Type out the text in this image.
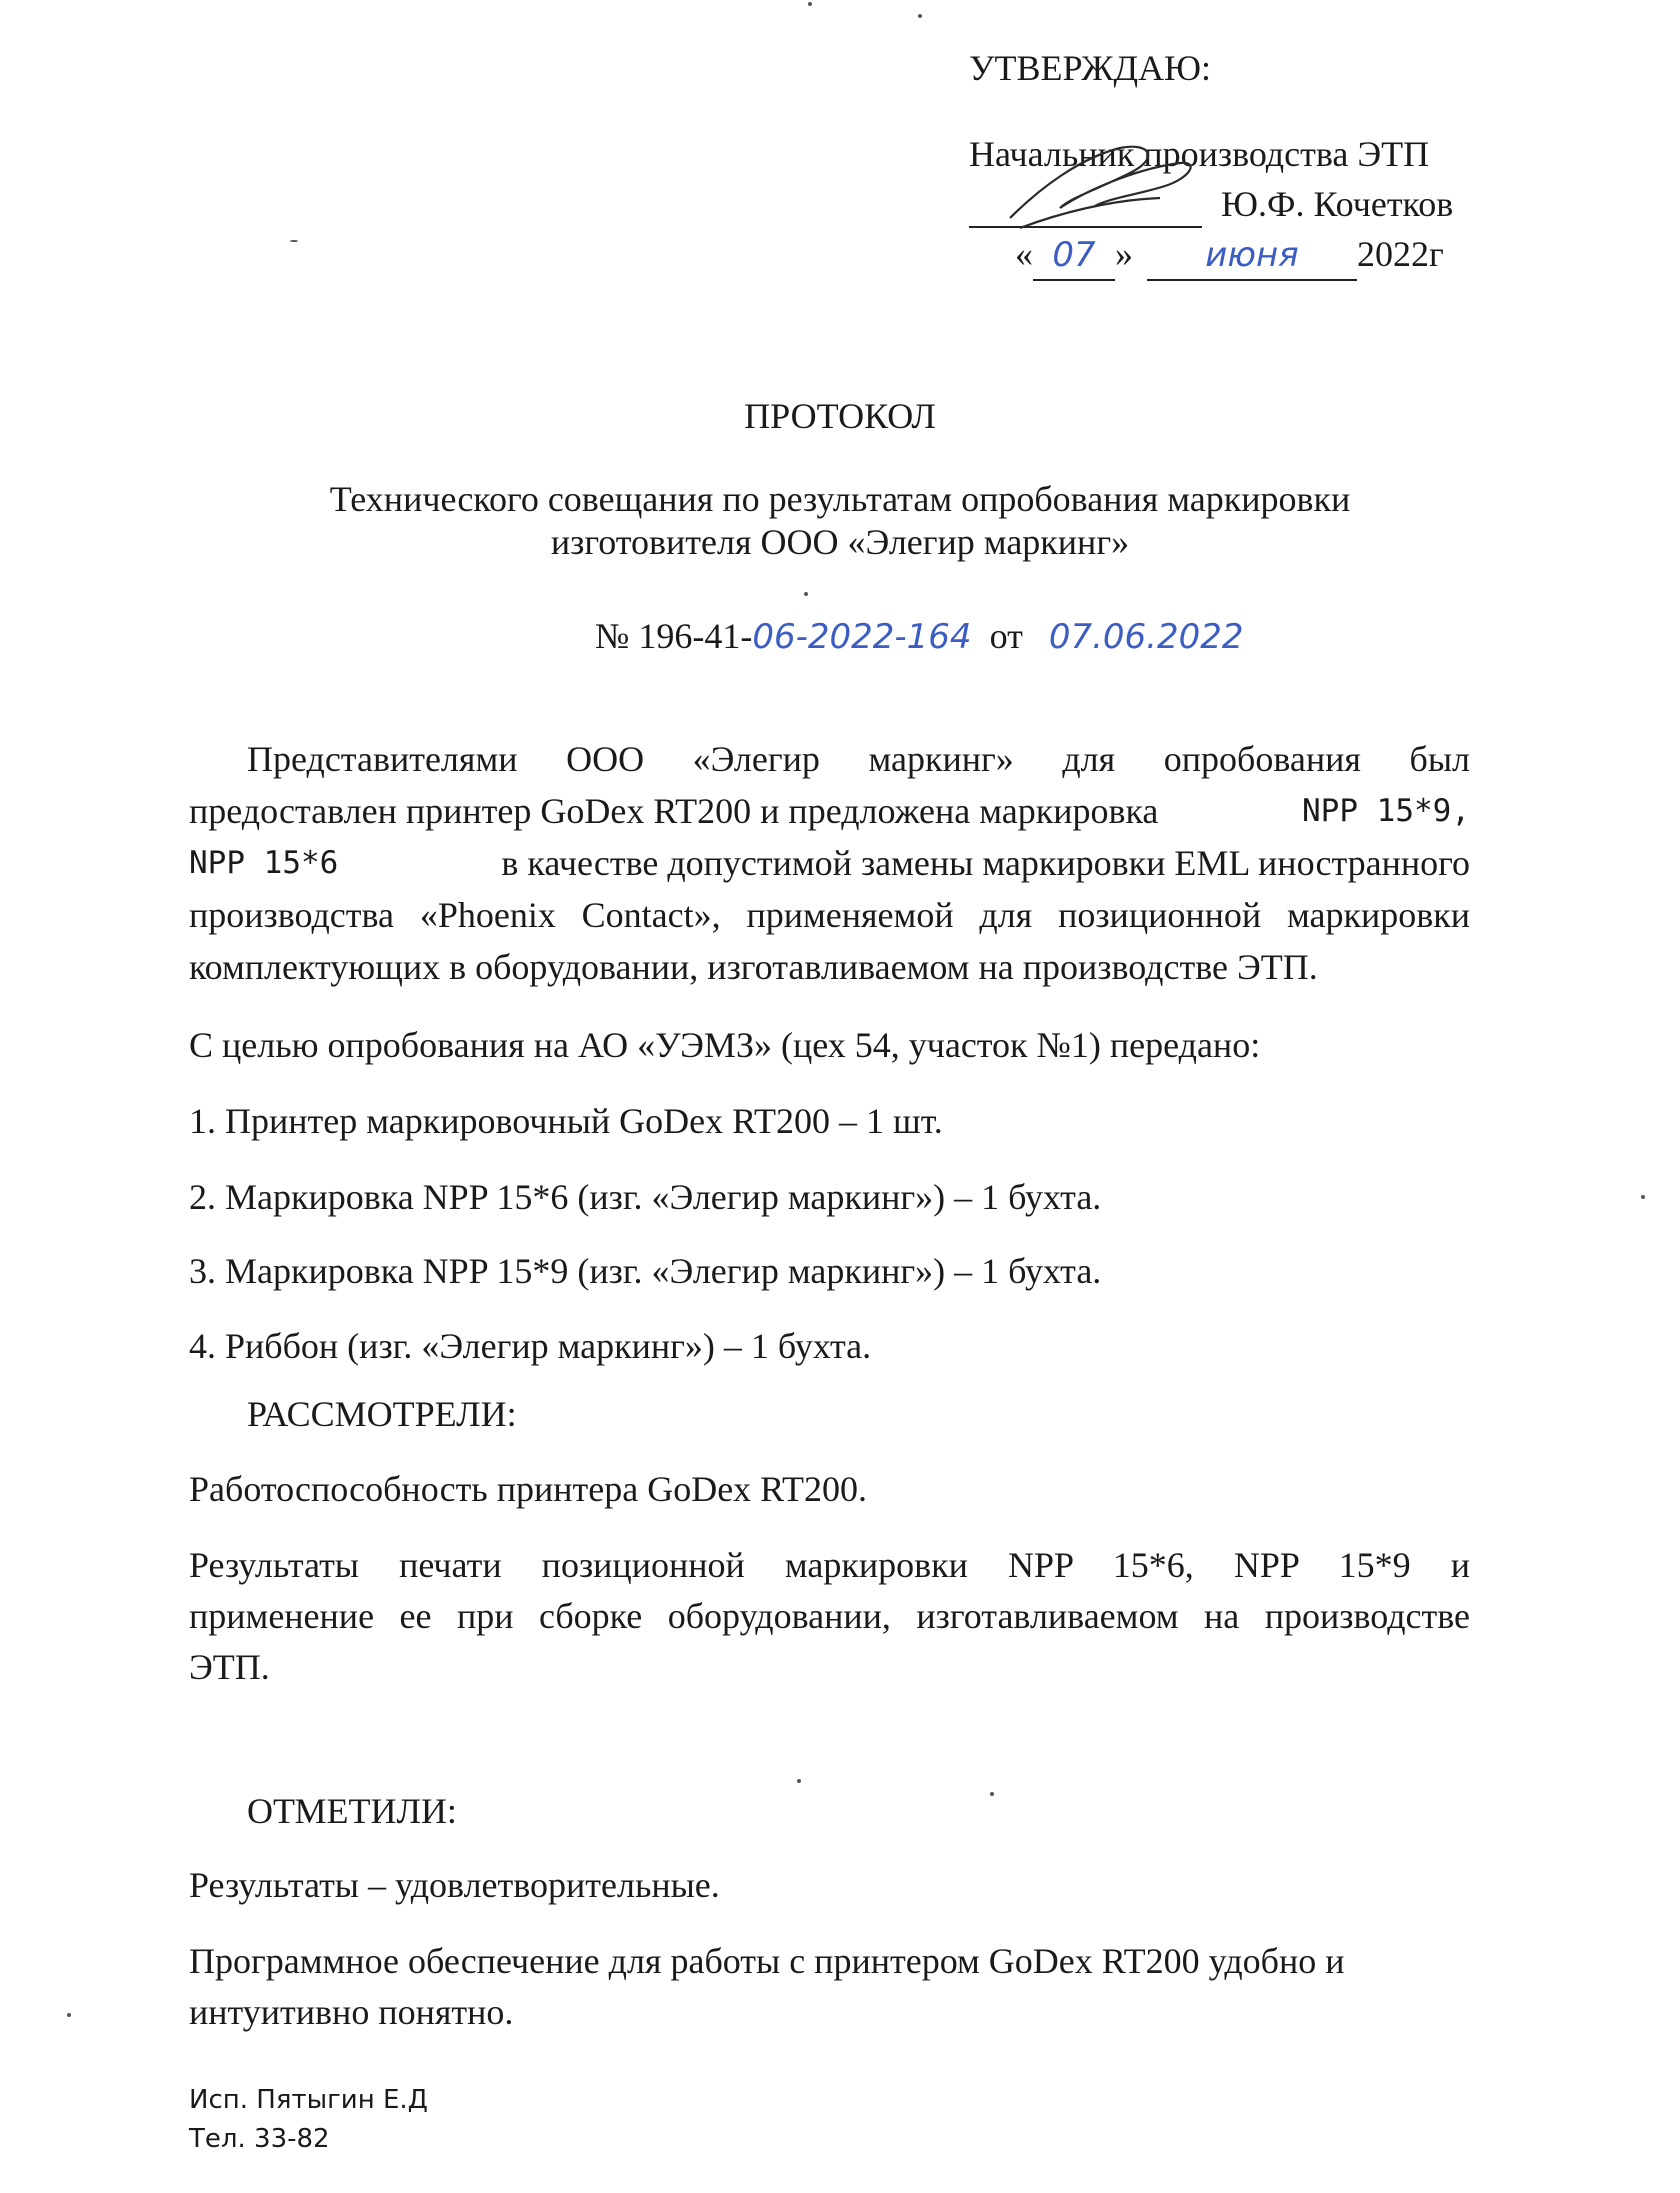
УТВЕРЖДАЮ:
Начальник производства ЭТП
Ю.Ф. Кочетков
« 07 » июня 2022г
ПРОТОКОЛ
Технического совещания по результатам опробования маркировки
изготовителя ООО «Элегир маркинг»
№ 196-41-06-2022-164 от 07.06.2022
Представителями ООО «Элегир маркинг» для опробования был
предоставлен принтер GoDex RT200 и предложена маркировка	NPP 15*9,
NPP 15*6	в качестве допустимой замены маркировки EML иностранного
производства «Phoenix Contact», применяемой для позиционной маркировки
комплектующих в оборудовании, изготавливаемом на производстве ЭТП.
С целью опробования на АО «УЭМЗ» (цех 54, участок №1) передано:
1. Принтер маркировочный GoDex RT200 – 1 шт.
2. Маркировка NPP 15*6 (изг. «Элегир маркинг») – 1 бухта.
3. Маркировка NPP 15*9 (изг. «Элегир маркинг») – 1 бухта.
4. Риббон (изг. «Элегир маркинг») – 1 бухта.
РАССМОТРЕЛИ:
Работоспособность принтера GoDex RT200.
Результаты печати позиционной маркировки NPP 15*6, NPP 15*9 и
применение ее при сборке оборудовании, изготавливаемом на производстве
ЭТП.
ОТМЕТИЛИ:
Результаты – удовлетворительные.
Программное обеспечение для работы с принтером GoDex RT200 удобно и
интуитивно понятно.
Исп. Пятыгин Е.Д
Тел. 33-82
